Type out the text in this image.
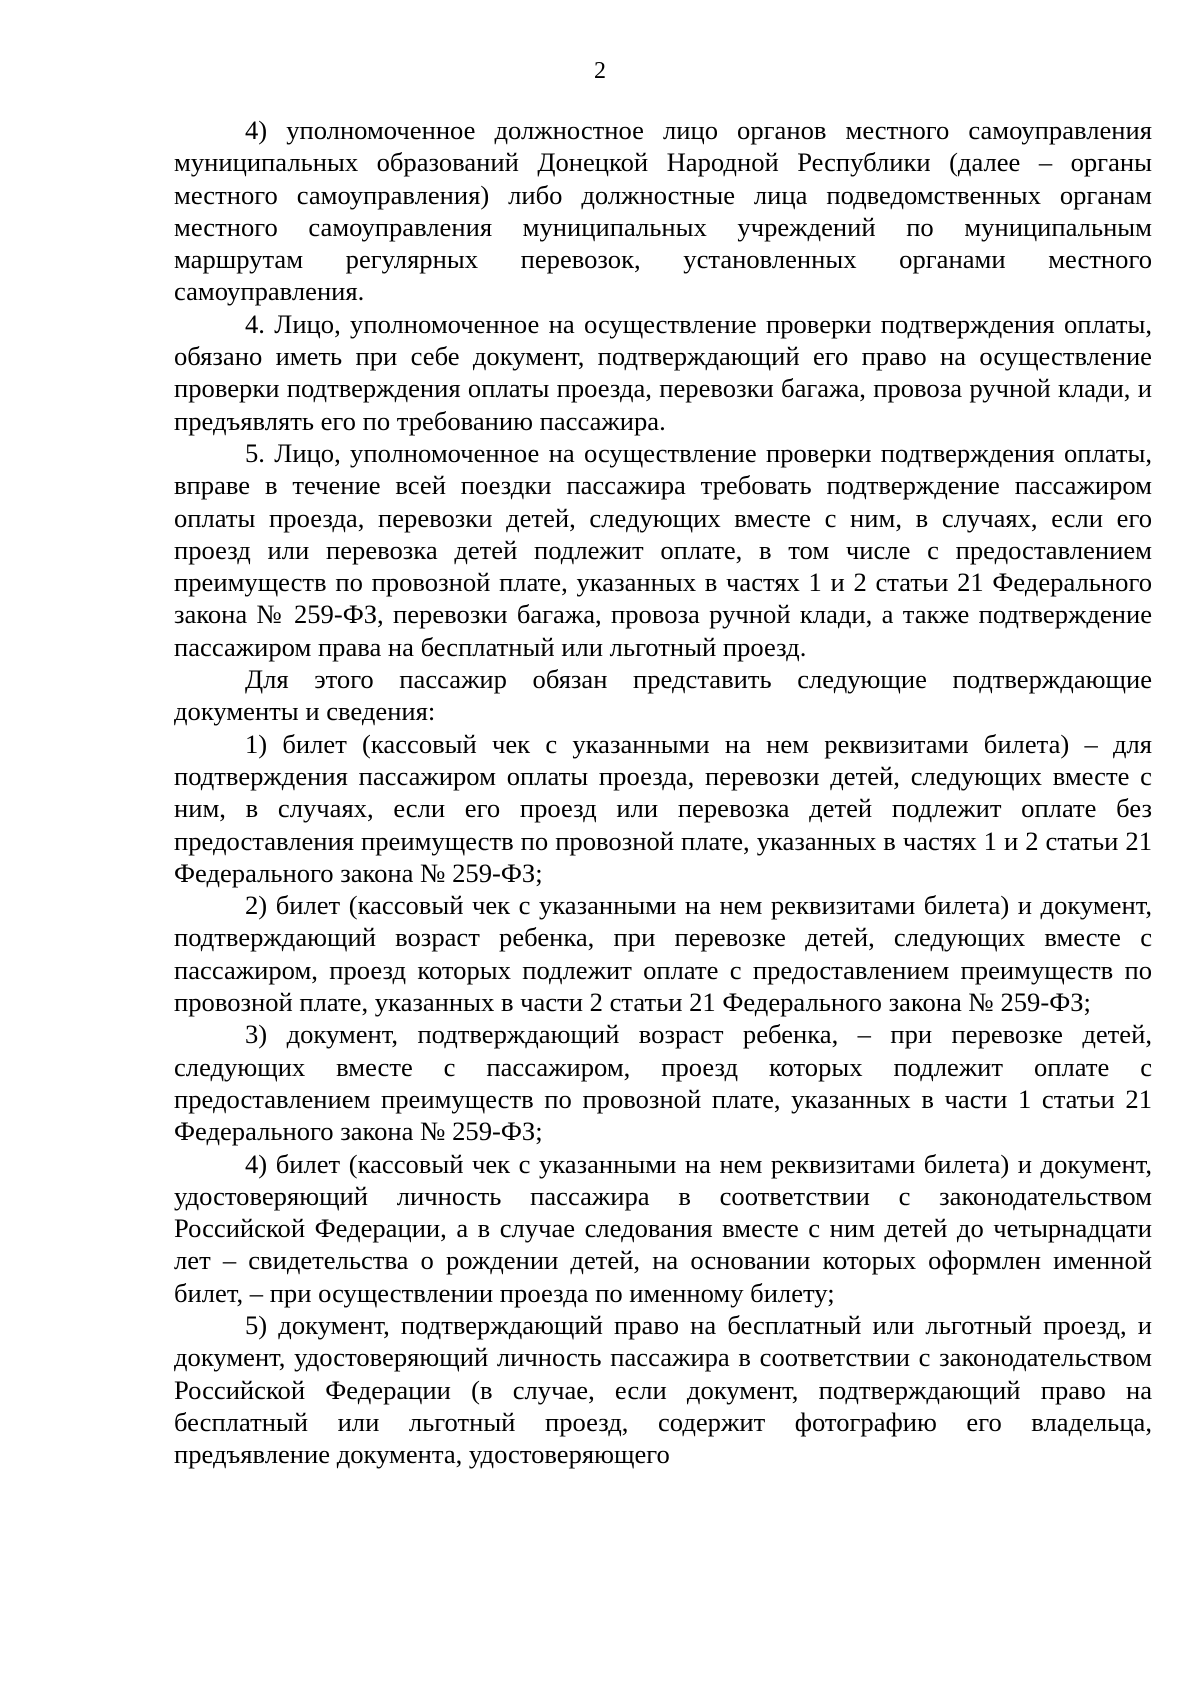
2

4) уполномоченное должностное лицо органов местного самоуправления муниципальных образований Донецкой Народной Республики (далее – органы местного самоуправления) либо должностные лица подведомственных органам местного самоуправления муниципальных учреждений по муниципальным маршрутам регулярных перевозок, установленных органами местного самоуправления.

4. Лицо, уполномоченное на осуществление проверки подтверждения оплаты, обязано иметь при себе документ, подтверждающий его право на осуществление проверки подтверждения оплаты проезда, перевозки багажа, провоза ручной клади, и предъявлять его по требованию пассажира.

5. Лицо, уполномоченное на осуществление проверки подтверждения оплаты, вправе в течение всей поездки пассажира требовать подтверждение пассажиром оплаты проезда, перевозки детей, следующих вместе с ним, в случаях, если его проезд или перевозка детей подлежит оплате, в том числе с предоставлением преимуществ по провозной плате, указанных в частях 1 и 2 статьи 21 Федерального закона № 259-ФЗ, перевозки багажа, провоза ручной клади, а также подтверждение пассажиром права на бесплатный или льготный проезд.

Для этого пассажир обязан представить следующие подтверждающие документы и сведения:

1) билет (кассовый чек с указанными на нем реквизитами билета) – для подтверждения пассажиром оплаты проезда, перевозки детей, следующих вместе с ним, в случаях, если его проезд или перевозка детей подлежит оплате без предоставления преимуществ по провозной плате, указанных в частях 1 и 2 статьи 21 Федерального закона № 259-ФЗ;

2) билет (кассовый чек с указанными на нем реквизитами билета) и документ, подтверждающий возраст ребенка, при перевозке детей, следующих вместе с пассажиром, проезд которых подлежит оплате с предоставлением преимуществ по провозной плате, указанных в части 2 статьи 21 Федерального закона № 259-ФЗ;

3) документ, подтверждающий возраст ребенка, – при перевозке детей, следующих вместе с пассажиром, проезд которых подлежит оплате с предоставлением преимуществ по провозной плате, указанных в части 1 статьи 21 Федерального закона № 259-ФЗ;

4) билет (кассовый чек с указанными на нем реквизитами билета) и документ, удостоверяющий личность пассажира в соответствии с законодательством Российской Федерации, а в случае следования вместе с ним детей до четырнадцати лет – свидетельства о рождении детей, на основании которых оформлен именной билет, – при осуществлении проезда по именному билету;

5) документ, подтверждающий право на бесплатный или льготный проезд, и документ, удостоверяющий личность пассажира в соответствии с законодательством Российской Федерации (в случае, если документ, подтверждающий право на бесплатный или льготный проезд, содержит фотографию его владельца, предъявление документа, удостоверяющего
